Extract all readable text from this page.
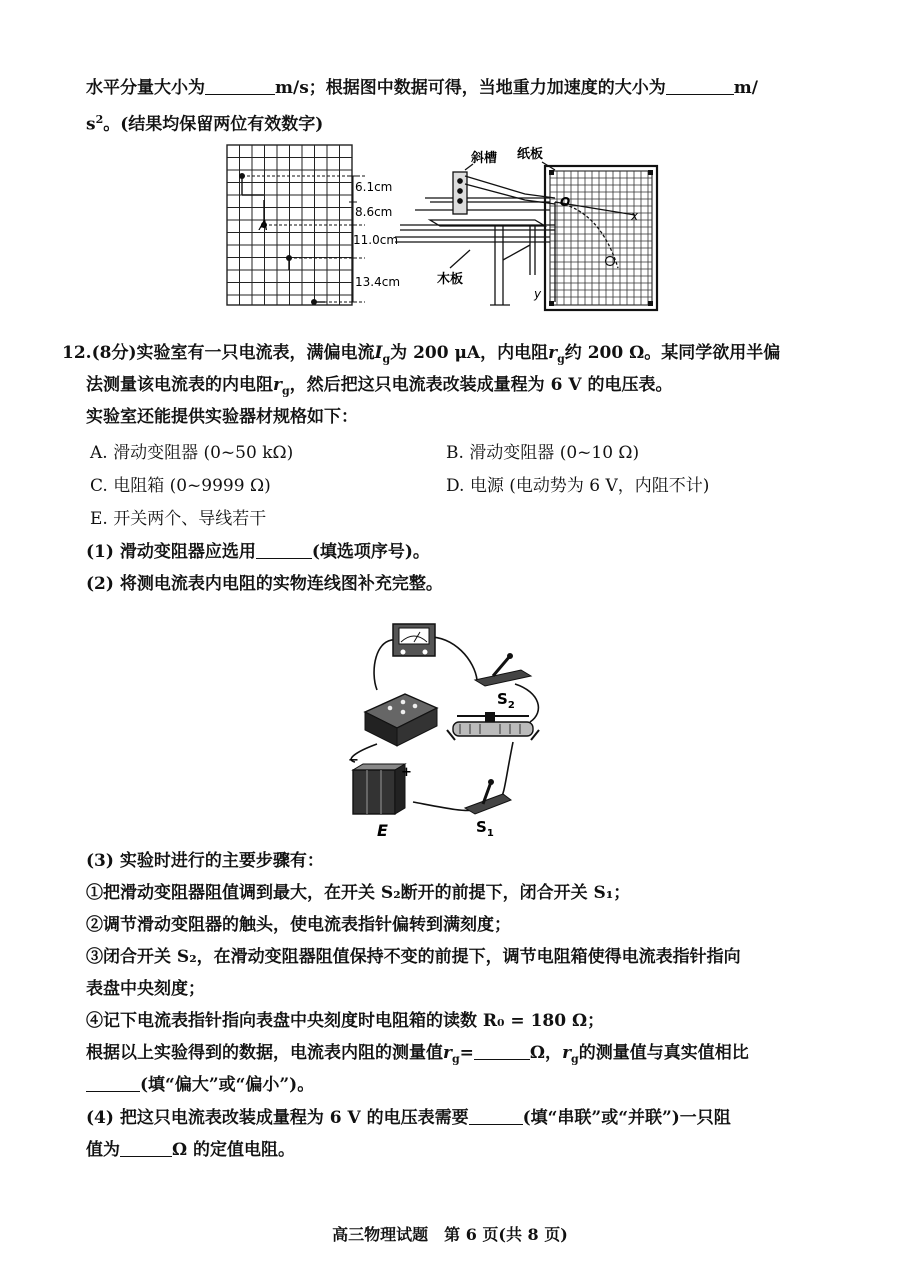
水平分量大小为	m/s；根据图中数据可得，当地重力加速度的大小为	m/
$s^2$。(结果均保留两位有效数字)
A
6.1cm
8.6cm
11.0cm
13.4cm
O
x
y
斜槽 纸板
木板
12.(8分)实验室有一只电流表，满偏电流$I_g$为 200 μA，内电阻$r_g$约 200 Ω。某同学欲用半偏
法测量该电流表的内电阻$r_g$，然后把这只电流表改装成量程为 6 V 的电压表。
实验室还能提供实验器材规格如下：
A. 滑动变阻器 (0~50 kΩ)	B. 滑动变阻器 (0~10 Ω)
C. 电阻箱 (0~9999 Ω)	D. 电源 (电动势为 6 V，内阻不计)
E. 开关两个、导线若干
(1) 滑动变阻器应选用	(填选项序号)。
(2) 将测电流表内电阻的实物连线图补充完整。
$S_2$
−
+
E	$S_1$
(3) 实验时进行的主要步骤有：
①把滑动变阻器阻值调到最大，在开关 S₂断开的前提下，闭合开关 S₁；
②调节滑动变阻器的触头，使电流表指针偏转到满刻度；
③闭合开关 S₂，在滑动变阻器阻值保持不变的前提下，调节电阻箱使得电流表指针指向
表盘中央刻度；
④记下电流表指针指向表盘中央刻度时电阻箱的读数 R₀ = 180 Ω；
根据以上实验得到的数据，电流表内阻的测量值$r_g=$	Ω，$r_g$的测量值与真实值相比
(填“偏大”或“偏小”)。
(4) 把这只电流表改装成量程为 6 V 的电压表需要	(填“串联”或“并联”)一只阻
值为	Ω 的定值电阻。
高三物理试题　第 6 页(共 8 页)
